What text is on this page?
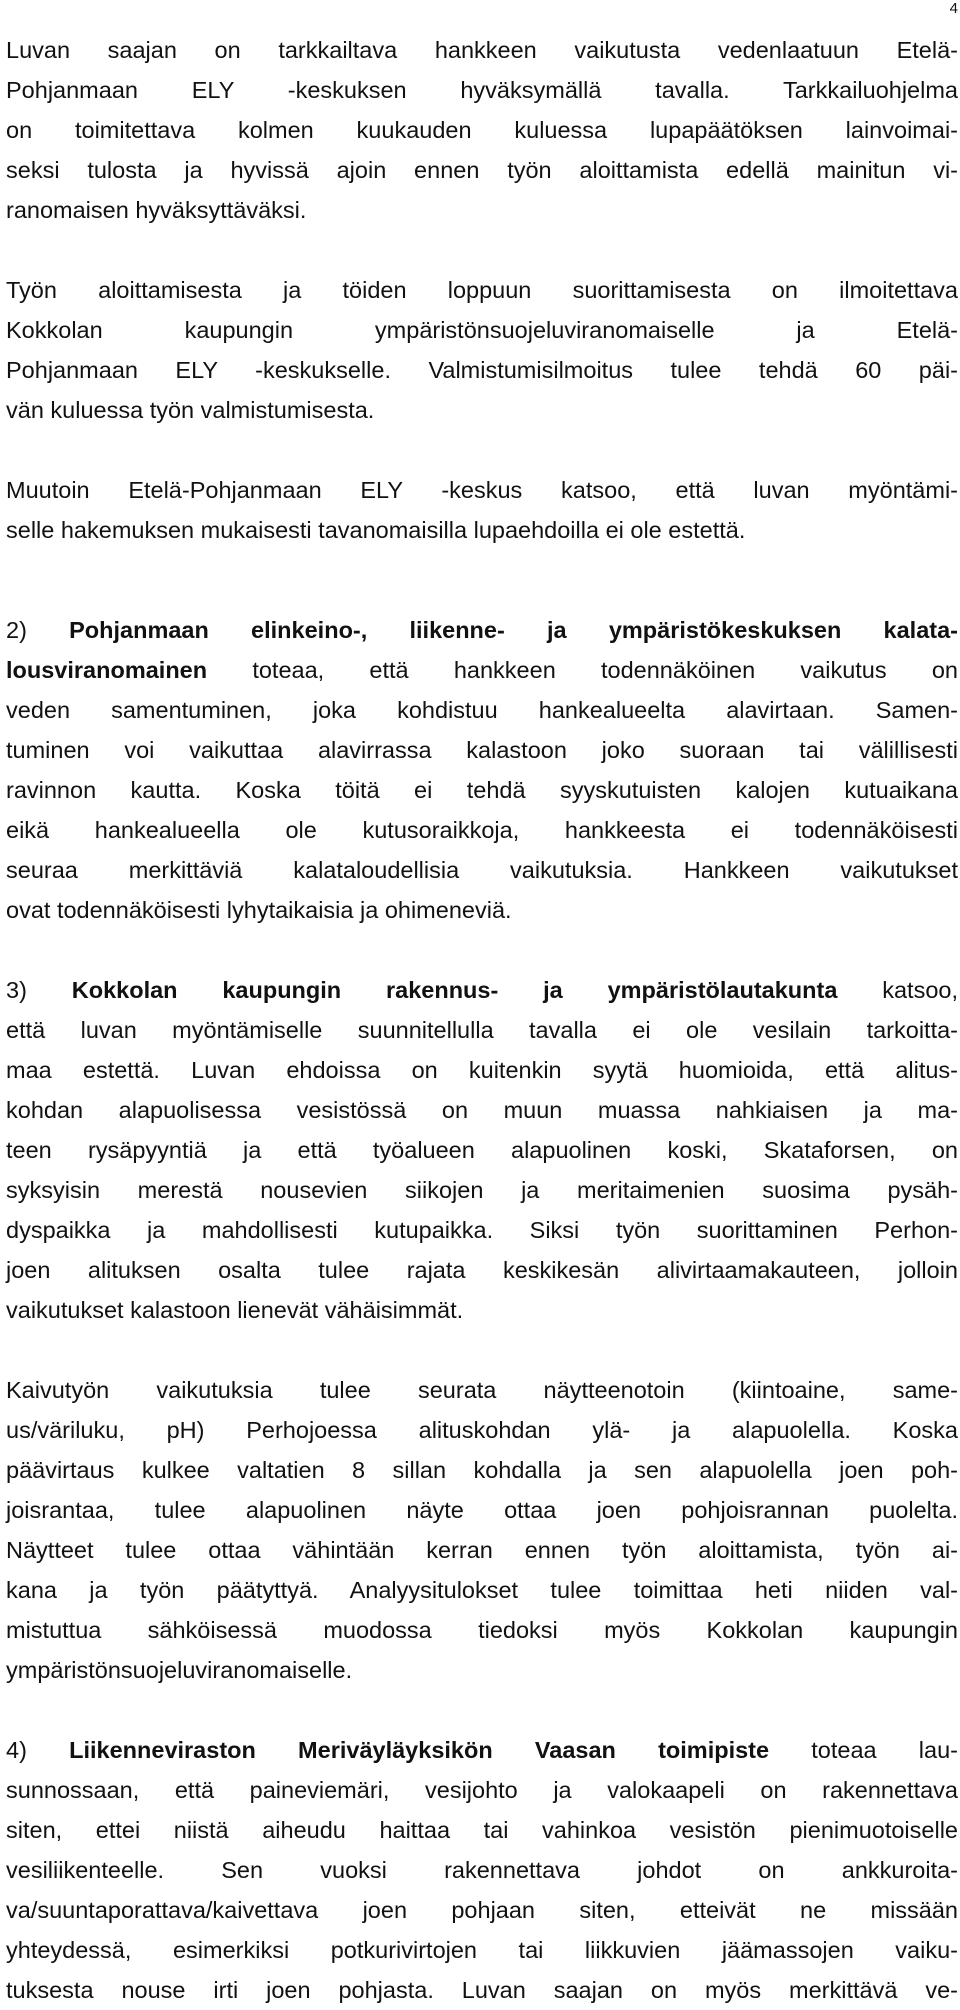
4
Luvan saajan on tarkkailtava hankkeen vaikutusta vedenlaatuun Etelä-
Pohjanmaan ELY -keskuksen hyväksymällä tavalla. Tarkkailuohjelma
on toimitettava kolmen kuukauden kuluessa lupapäätöksen lainvoimai-
seksi tulosta ja hyvissä ajoin ennen työn aloittamista edellä mainitun vi-
ranomaisen hyväksyttäväksi.
Työn aloittamisesta ja töiden loppuun suorittamisesta on ilmoitettava
Kokkolan kaupungin ympäristönsuojeluviranomaiselle ja Etelä-
Pohjanmaan ELY -keskukselle. Valmistumisilmoitus tulee tehdä 60 päi-
vän kuluessa työn valmistumisesta.
Muutoin Etelä-Pohjanmaan ELY -keskus katsoo, että luvan myöntämi-
selle hakemuksen mukaisesti tavanomaisilla lupaehdoilla ei ole estettä.
2) Pohjanmaan elinkeino-, liikenne- ja ympäristökeskuksen kalata-
lousviranomainen toteaa, että hankkeen todennäköinen vaikutus on
veden samentuminen, joka kohdistuu hankealueelta alavirtaan. Samen-
tuminen voi vaikuttaa alavirrassa kalastoon joko suoraan tai välillisesti
ravinnon kautta. Koska töitä ei tehdä syyskutuisten kalojen kutuaikana
eikä hankealueella ole kutusoraikkoja, hankkeesta ei todennäköisesti
seuraa merkittäviä kalataloudellisia vaikutuksia. Hankkeen vaikutukset
ovat todennäköisesti lyhytaikaisia ja ohimeneviä.
3) Kokkolan kaupungin rakennus- ja ympäristölautakunta katsoo,
että luvan myöntämiselle suunnitellulla tavalla ei ole vesilain tarkoitta-
maa estettä. Luvan ehdoissa on kuitenkin syytä huomioida, että alitus-
kohdan alapuolisessa vesistössä on muun muassa nahkiaisen ja ma-
teen rysäpyyntiä ja että työalueen alapuolinen koski, Skataforsen, on
syksyisin merestä nousevien siikojen ja meritaimenien suosima pysäh-
dyspaikka ja mahdollisesti kutupaikka. Siksi työn suorittaminen Perhon-
joen alituksen osalta tulee rajata keskikesän alivirtaamakauteen, jolloin
vaikutukset kalastoon lienevät vähäisimmät.
Kaivutyön vaikutuksia tulee seurata näytteenotoin (kiintoaine, same-
us/väriluku, pH) Perhojoessa alituskohdan ylä- ja alapuolella. Koska
päävirtaus kulkee valtatien 8 sillan kohdalla ja sen alapuolella joen poh-
joisrantaa, tulee alapuolinen näyte ottaa joen pohjoisrannan puolelta.
Näytteet tulee ottaa vähintään kerran ennen työn aloittamista, työn ai-
kana ja työn päätyttyä. Analyysitulokset tulee toimittaa heti niiden val-
mistuttua sähköisessä muodossa tiedoksi myös Kokkolan kaupungin
ympäristönsuojeluviranomaiselle.
4) Liikenneviraston Meriväyläyksikön Vaasan toimipiste toteaa lau-
sunnossaan, että paineviemäri, vesijohto ja valokaapeli on rakennettava
siten, ettei niistä aiheudu haittaa tai vahinkoa vesistön pienimuotoiselle
vesiliikenteelle. Sen vuoksi rakennettava johdot on ankkuroita-
va/suuntaporattava/kaivettava joen pohjaan siten, etteivät ne missään
yhteydessä, esimerkiksi potkurivirtojen tai liikkuvien jäämassojen vaiku-
tuksesta nouse irti joen pohjasta. Luvan saajan on myös merkittävä ve-
